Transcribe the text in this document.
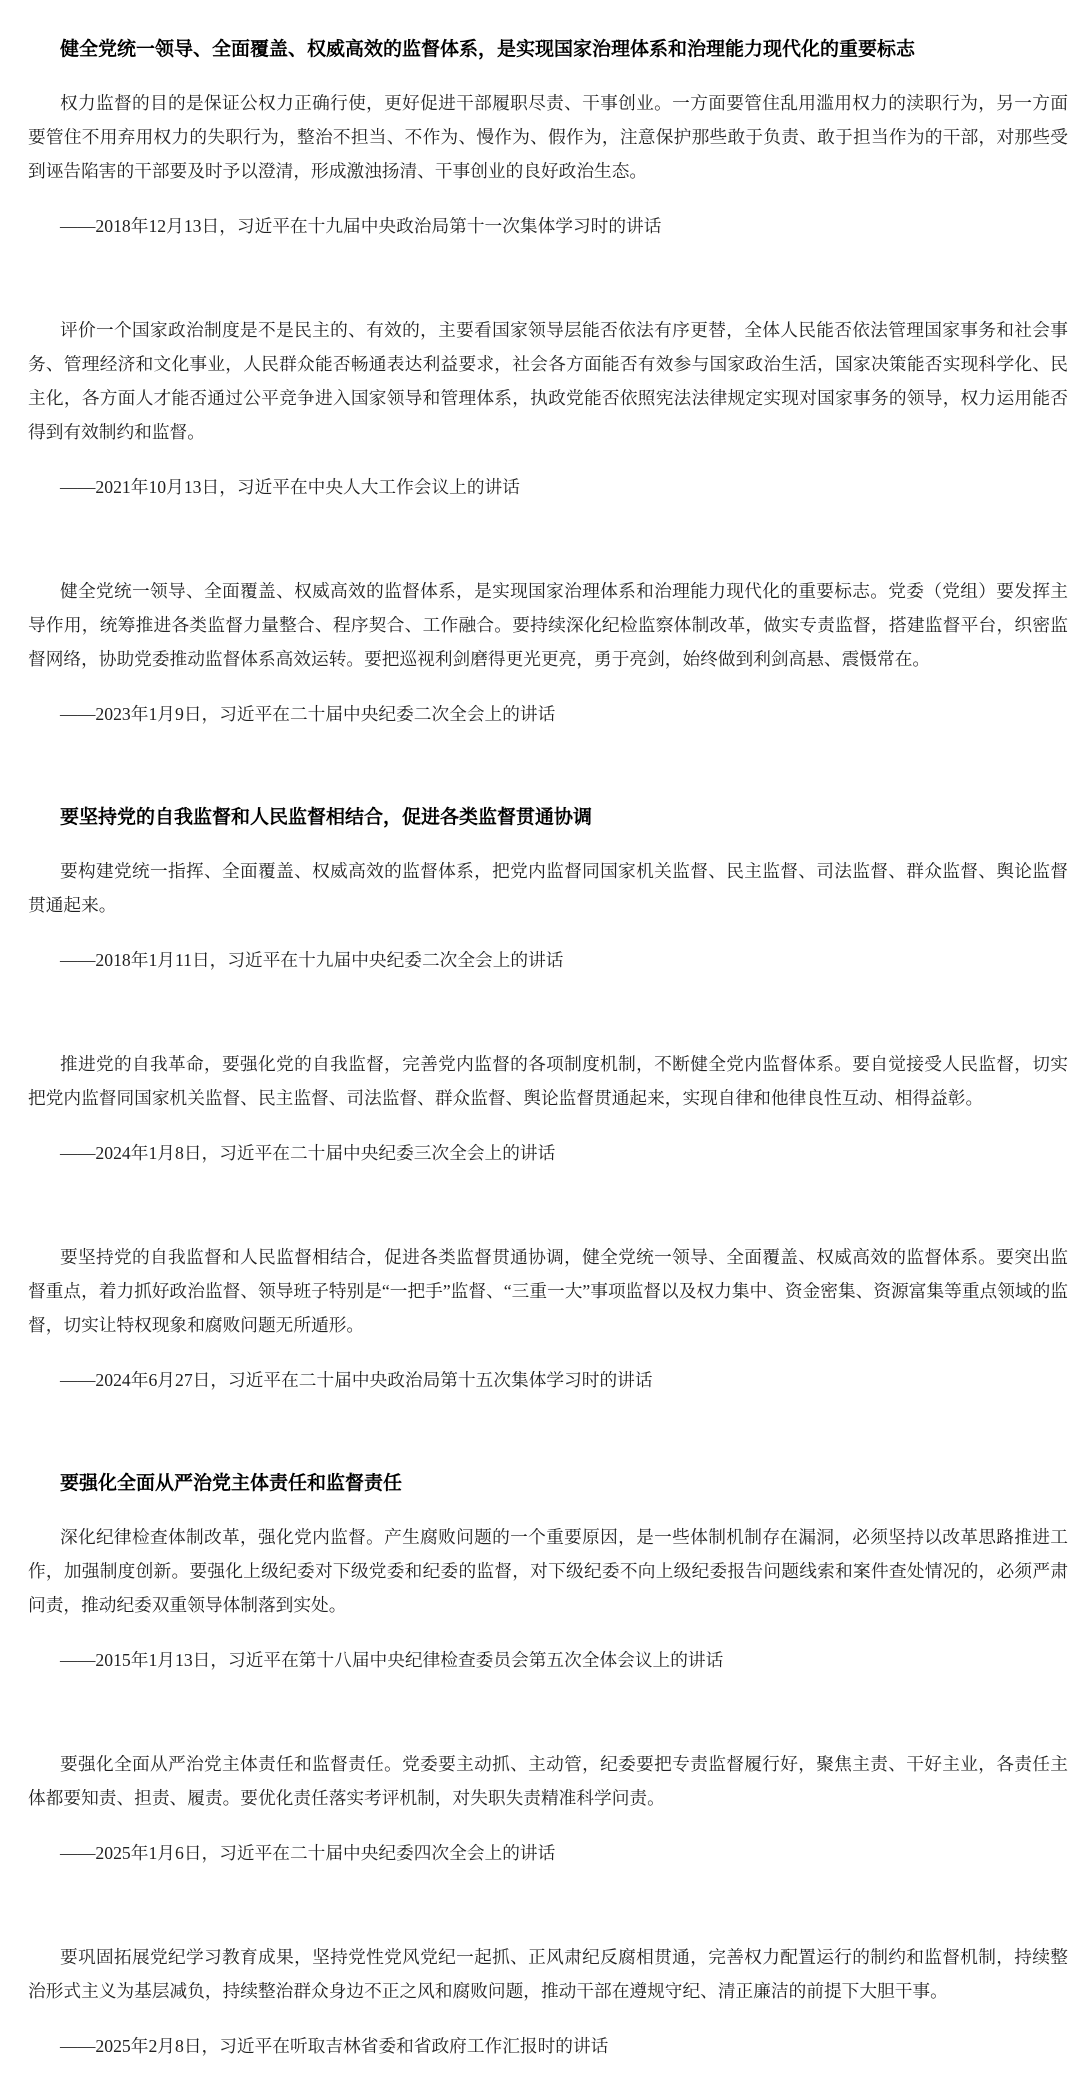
健全党统一领导、全面覆盖、权威高效的监督体系，是实现国家治理体系和治理能力现代化的重要标志

权力监督的目的是保证公权力正确行使，更好促进干部履职尽责、干事创业。一方面要管住乱用滥用权力的渎职行为，另一方面要管住不用弃用权力的失职行为，整治不担当、不作为、慢作为、假作为，注意保护那些敢于负责、敢于担当作为的干部，对那些受到诬告陷害的干部要及时予以澄清，形成激浊扬清、干事创业的良好政治生态。

——2018年12月13日，习近平在十九届中央政治局第十一次集体学习时的讲话

评价一个国家政治制度是不是民主的、有效的，主要看国家领导层能否依法有序更替，全体人民能否依法管理国家事务和社会事务、管理经济和文化事业，人民群众能否畅通表达利益要求，社会各方面能否有效参与国家政治生活，国家决策能否实现科学化、民主化，各方面人才能否通过公平竞争进入国家领导和管理体系，执政党能否依照宪法法律规定实现对国家事务的领导，权力运用能否得到有效制约和监督。

——2021年10月13日，习近平在中央人大工作会议上的讲话

健全党统一领导、全面覆盖、权威高效的监督体系，是实现国家治理体系和治理能力现代化的重要标志。党委（党组）要发挥主导作用，统筹推进各类监督力量整合、程序契合、工作融合。要持续深化纪检监察体制改革，做实专责监督，搭建监督平台，织密监督网络，协助党委推动监督体系高效运转。要把巡视利剑磨得更光更亮，勇于亮剑，始终做到利剑高悬、震慑常在。

——2023年1月9日，习近平在二十届中央纪委二次全会上的讲话

要坚持党的自我监督和人民监督相结合，促进各类监督贯通协调

要构建党统一指挥、全面覆盖、权威高效的监督体系，把党内监督同国家机关监督、民主监督、司法监督、群众监督、舆论监督贯通起来。

——2018年1月11日，习近平在十九届中央纪委二次全会上的讲话

推进党的自我革命，要强化党的自我监督，完善党内监督的各项制度机制，不断健全党内监督体系。要自觉接受人民监督，切实把党内监督同国家机关监督、民主监督、司法监督、群众监督、舆论监督贯通起来，实现自律和他律良性互动、相得益彰。

——2024年1月8日，习近平在二十届中央纪委三次全会上的讲话

要坚持党的自我监督和人民监督相结合，促进各类监督贯通协调，健全党统一领导、全面覆盖、权威高效的监督体系。要突出监督重点，着力抓好政治监督、领导班子特别是“一把手”监督、“三重一大”事项监督以及权力集中、资金密集、资源富集等重点领域的监督，切实让特权现象和腐败问题无所遁形。

——2024年6月27日，习近平在二十届中央政治局第十五次集体学习时的讲话

要强化全面从严治党主体责任和监督责任

深化纪律检查体制改革，强化党内监督。产生腐败问题的一个重要原因，是一些体制机制存在漏洞，必须坚持以改革思路推进工作，加强制度创新。要强化上级纪委对下级党委和纪委的监督，对下级纪委不向上级纪委报告问题线索和案件查处情况的，必须严肃问责，推动纪委双重领导体制落到实处。

——2015年1月13日，习近平在第十八届中央纪律检查委员会第五次全体会议上的讲话

要强化全面从严治党主体责任和监督责任。党委要主动抓、主动管，纪委要把专责监督履行好，聚焦主责、干好主业，各责任主体都要知责、担责、履责。要优化责任落实考评机制，对失职失责精准科学问责。

——2025年1月6日，习近平在二十届中央纪委四次全会上的讲话

要巩固拓展党纪学习教育成果，坚持党性党风党纪一起抓、正风肃纪反腐相贯通，完善权力配置运行的制约和监督机制，持续整治形式主义为基层减负，持续整治群众身边不正之风和腐败问题，推动干部在遵规守纪、清正廉洁的前提下大胆干事。

——2025年2月8日，习近平在听取吉林省委和省政府工作汇报时的讲话
